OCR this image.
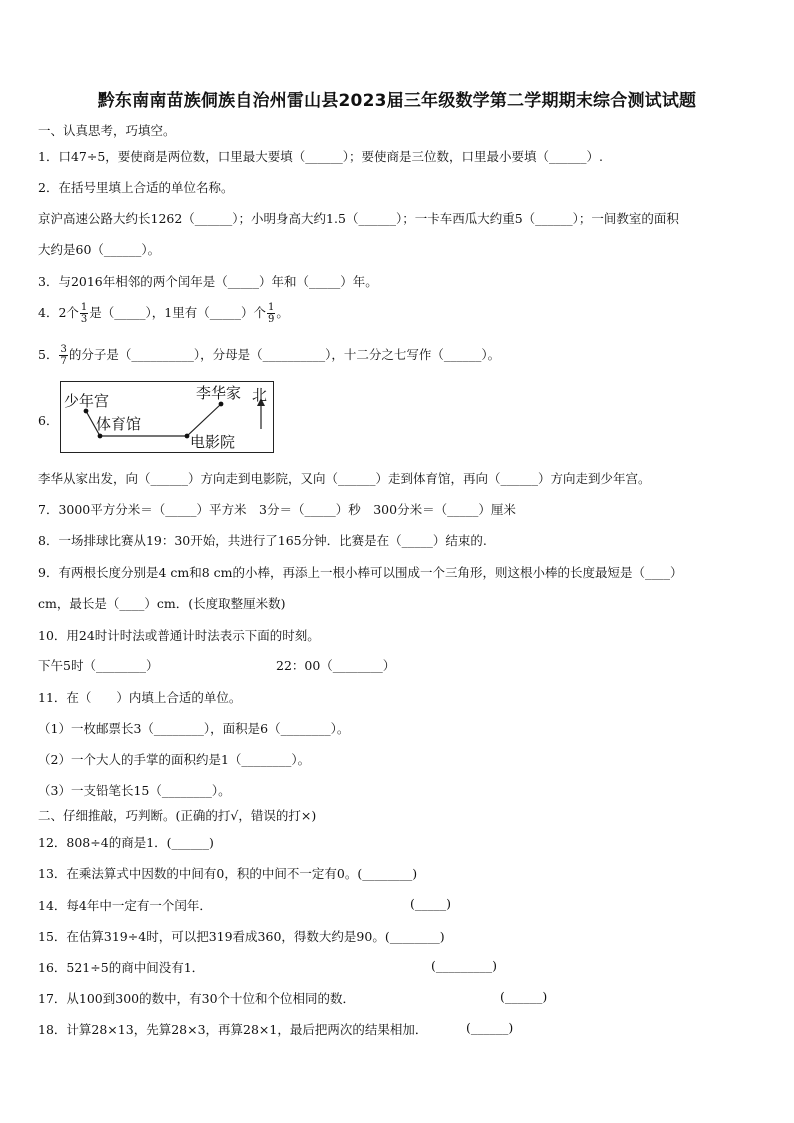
黔东南南苗族侗族自治州雷山县2023届三年级数学第二学期期末综合测试试题
一、认真思考，巧填空。
1．口47÷5，要使商是两位数，口里最大要填（______）；要使商是三位数，口里最小要填（______）.
2．在括号里填上合适的单位名称。
京沪高速公路大约长1262（______）；小明身高大约1.5（______）；一卡车西瓜大约重5（______）；一间教室的面积
大约是60（______）。
3．与2016年相邻的两个闰年是（_____）年和（_____）年。
4．2个 $\frac{1}{3}$ 是（_____），1里有（_____）个 $\frac{1}{9}$ 。
5． $\frac{3}{7}$ 的分子是（__________），分母是（__________），十二分之七写作（______）。
6．
少年宫
体育馆
李华家
电影院
北
李华从家出发，向（______）方向走到电影院，又向（______）走到体育馆，再向（______）方向走到少年宫。
7．3000平方分米＝（_____）平方米　3分＝（_____）秒　300分米＝（_____）厘米
8．一场排球比赛从19：30开始，共进行了165分钟．比赛是在（_____）结束的.
9．有两根长度分别是4 cm和8 cm的小棒，再添上一根小棒可以围成一个三角形，则这根小棒的长度最短是（____）
cm，最长是（____）cm．(长度取整厘米数)
10．用24时计时法或普通计时法表示下面的时刻。
下午5时（________）	22：00（________）
11．在（　　）内填上合适的单位。
（1）一枚邮票长3（________），面积是6（________）。
（2）一个大人的手掌的面积约是1（________）。
（3）一支铅笔长15（________）。
二、仔细推敲，巧判断。(正确的打√，错误的打×)
12．808÷4的商是1．(______)
13．在乘法算式中因数的中间有0，积的中间不一定有0。(________)
14．每4年中一定有一个闰年．	(_____)
15．在估算319÷4时，可以把319看成360，得数大约是90。(________)
16．521÷5的商中间没有1．	(_________)
17．从100到300的数中，有30个十位和个位相同的数．	(______)
18．计算28×13，先算28×3，再算28×1，最后把两次的结果相加．	(______)
